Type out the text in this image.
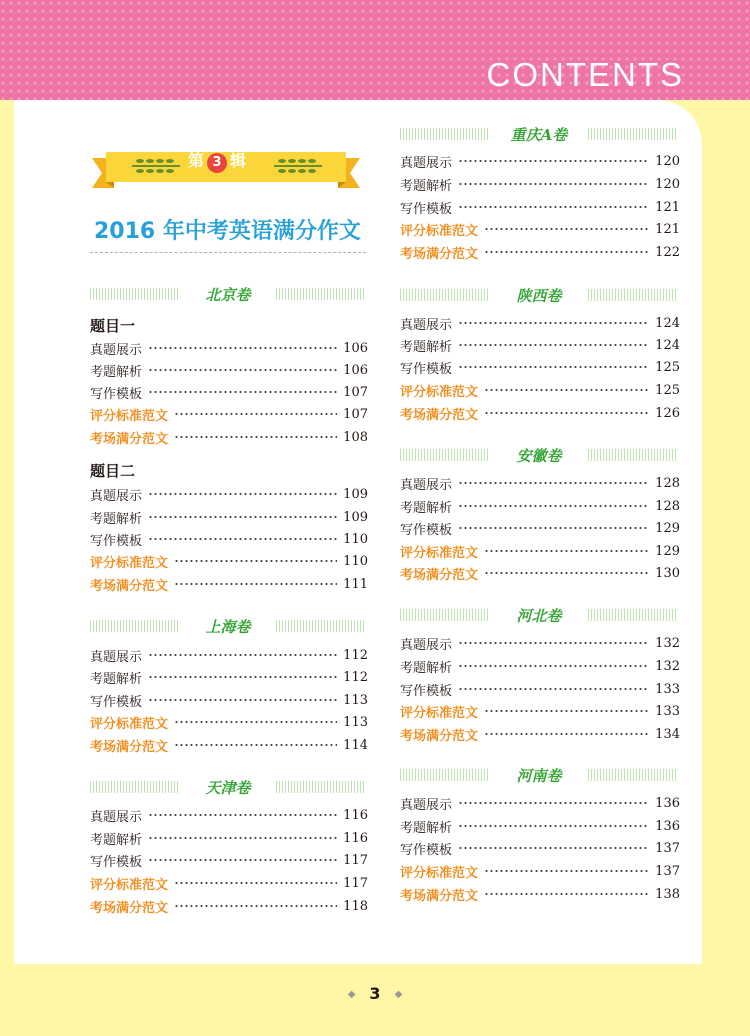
CONTENTS
第 3 辑
2016 年中考英语满分作文
北京卷
题目一
真题展示	106
考题解析	106
写作模板	107
评分标准范文	107
考场满分范文	108
题目二
真题展示	109
考题解析	109
写作模板	110
评分标准范文	110
考场满分范文	111
上海卷
真题展示	112
考题解析	112
写作模板	113
评分标准范文	113
考场满分范文	114
天津卷
真题展示	116
考题解析	116
写作模板	117
评分标准范文	117
考场满分范文	118
重庆A卷
真题展示	120
考题解析	120
写作模板	121
评分标准范文	121
考场满分范文	122
陕西卷
真题展示	124
考题解析	124
写作模板	125
评分标准范文	125
考场满分范文	126
安徽卷
真题展示	128
考题解析	128
写作模板	129
评分标准范文	129
考场满分范文	130
河北卷
真题展示	132
考题解析	132
写作模板	133
评分标准范文	133
考场满分范文	134
河南卷
真题展示	136
考题解析	136
写作模板	137
评分标准范文	137
考场满分范文	138
◆ 3 ◆
